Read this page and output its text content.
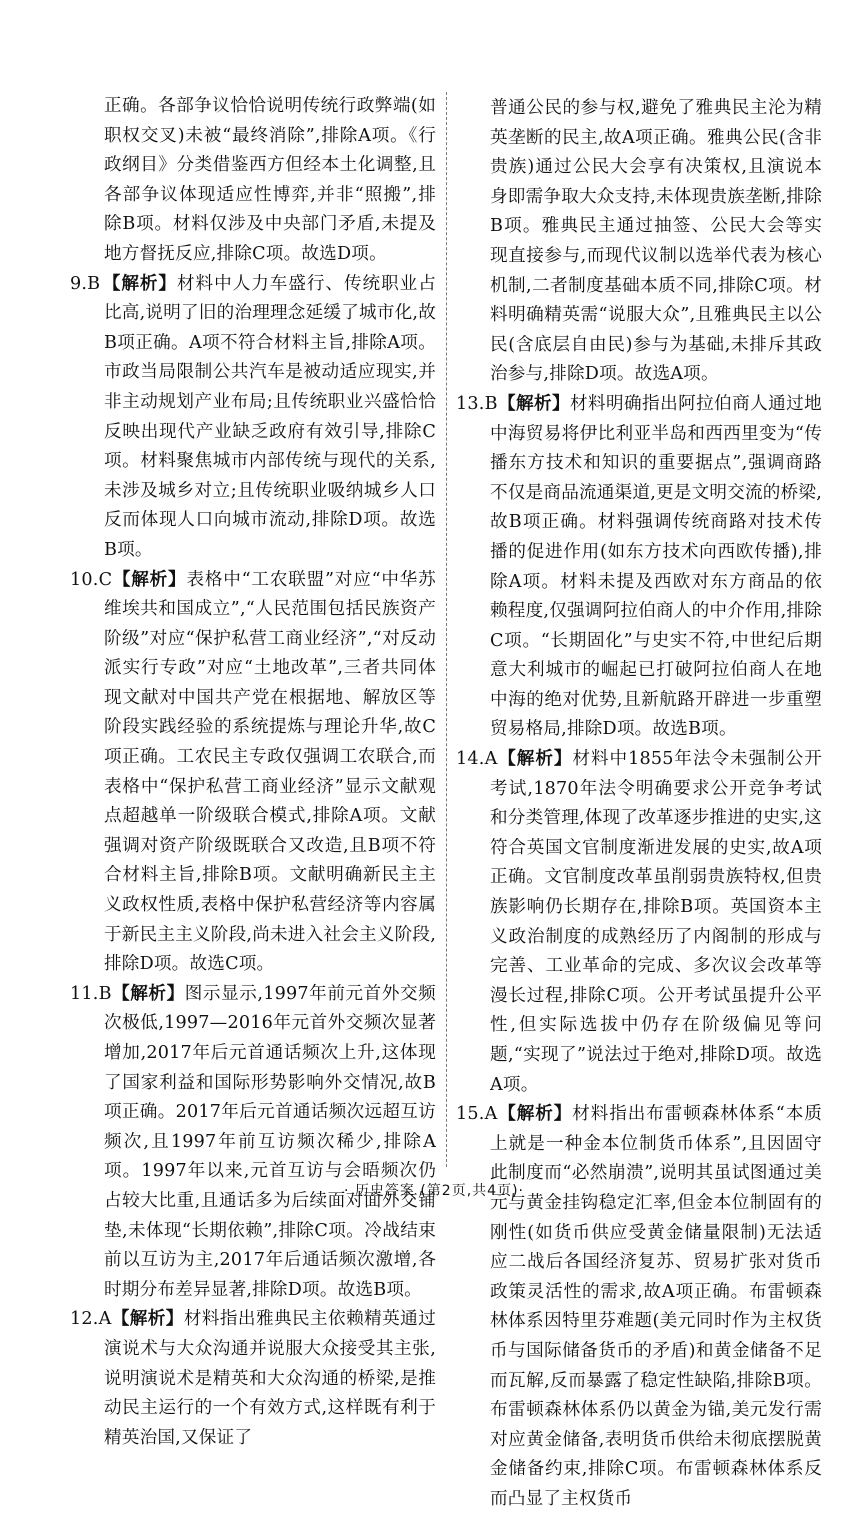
正确。各部争议恰恰说明传统行政弊端(如职权交叉)未被“最终消除”,排除A项。《行政纲目》分类借鉴西方但经本土化调整,且各部争议体现适应性博弈,并非“照搬”,排除B项。材料仅涉及中央部门矛盾,未提及地方督抚反应,排除C项。故选D项。

9.B【解析】材料中人力车盛行、传统职业占比高,说明了旧的治理理念延缓了城市化,故B项正确。A项不符合材料主旨,排除A项。市政当局限制公共汽车是被动适应现实,并非主动规划产业布局;且传统职业兴盛恰恰反映出现代产业缺乏政府有效引导,排除C项。材料聚焦城市内部传统与现代的关系,未涉及城乡对立;且传统职业吸纳城乡人口反而体现人口向城市流动,排除D项。故选B项。

10.C【解析】表格中“工农联盟”对应“中华苏维埃共和国成立”,“人民范围包括民族资产阶级”对应“保护私营工商业经济”,“对反动派实行专政”对应“土地改革”,三者共同体现文献对中国共产党在根据地、解放区等阶段实践经验的系统提炼与理论升华,故C项正确。工农民主专政仅强调工农联合,而表格中“保护私营工商业经济”显示文献观点超越单一阶级联合模式,排除A项。文献强调对资产阶级既联合又改造,且B项不符合材料主旨,排除B项。文献明确新民主主义政权性质,表格中保护私营经济等内容属于新民主主义阶段,尚未进入社会主义阶段,排除D项。故选C项。

11.B【解析】图示显示,1997年前元首外交频次极低,1997—2016年元首外交频次显著增加,2017年后元首通话频次上升,这体现了国家利益和国际形势影响外交情况,故B项正确。2017年后元首通话频次远超互访频次,且1997年前互访频次稀少,排除A项。1997年以来,元首互访与会晤频次仍占较大比重,且通话多为后续面对面外交铺垫,未体现“长期依赖”,排除C项。冷战结束前以互访为主,2017年后通话频次激增,各时期分布差异显著,排除D项。故选B项。

12.A【解析】材料指出雅典民主依赖精英通过演说术与大众沟通并说服大众接受其主张,说明演说术是精英和大众沟通的桥梁,是推动民主运行的一个有效方式,这样既有利于精英治国,又保证了

普通公民的参与权,避免了雅典民主沦为精英垄断的民主,故A项正确。雅典公民(含非贵族)通过公民大会享有决策权,且演说本身即需争取大众支持,未体现贵族垄断,排除B项。雅典民主通过抽签、公民大会等实现直接参与,而现代议制以选举代表为核心机制,二者制度基础本质不同,排除C项。材料明确精英需“说服大众”,且雅典民主以公民(含底层自由民)参与为基础,未排斥其政治参与,排除D项。故选A项。

13.B【解析】材料明确指出阿拉伯商人通过地中海贸易将伊比利亚半岛和西西里变为“传播东方技术和知识的重要据点”,强调商路不仅是商品流通渠道,更是文明交流的桥梁,故B项正确。材料强调传统商路对技术传播的促进作用(如东方技术向西欧传播),排除A项。材料未提及西欧对东方商品的依赖程度,仅强调阿拉伯商人的中介作用,排除C项。“长期固化”与史实不符,中世纪后期意大利城市的崛起已打破阿拉伯商人在地中海的绝对优势,且新航路开辟进一步重塑贸易格局,排除D项。故选B项。

14.A【解析】材料中1855年法令未强制公开考试,1870年法令明确要求公开竞争考试和分类管理,体现了改革逐步推进的史实,这符合英国文官制度渐进发展的史实,故A项正确。文官制度改革虽削弱贵族特权,但贵族影响仍长期存在,排除B项。英国资本主义政治制度的成熟经历了内阁制的形成与完善、工业革命的完成、多次议会改革等漫长过程,排除C项。公开考试虽提升公平性,但实际选拔中仍存在阶级偏见等问题,“实现了”说法过于绝对,排除D项。故选A项。

15.A【解析】材料指出布雷顿森林体系“本质上就是一种金本位制货币体系”,且因固守此制度而“必然崩溃”,说明其虽试图通过美元与黄金挂钩稳定汇率,但金本位制固有的刚性(如货币供应受黄金储量限制)无法适应二战后各国经济复苏、贸易扩张对货币政策灵活性的需求,故A项正确。布雷顿森林体系因特里芬难题(美元同时作为主权货币与国际储备货币的矛盾)和黄金储备不足而瓦解,反而暴露了稳定性缺陷,排除B项。布雷顿森林体系仍以黄金为锚,美元发行需对应黄金储备,表明货币供给未彻底摆脱黄金储备约束,排除C项。布雷顿森林体系反而凸显了主权货币

· 历史答案 (第2页,共4页)·
